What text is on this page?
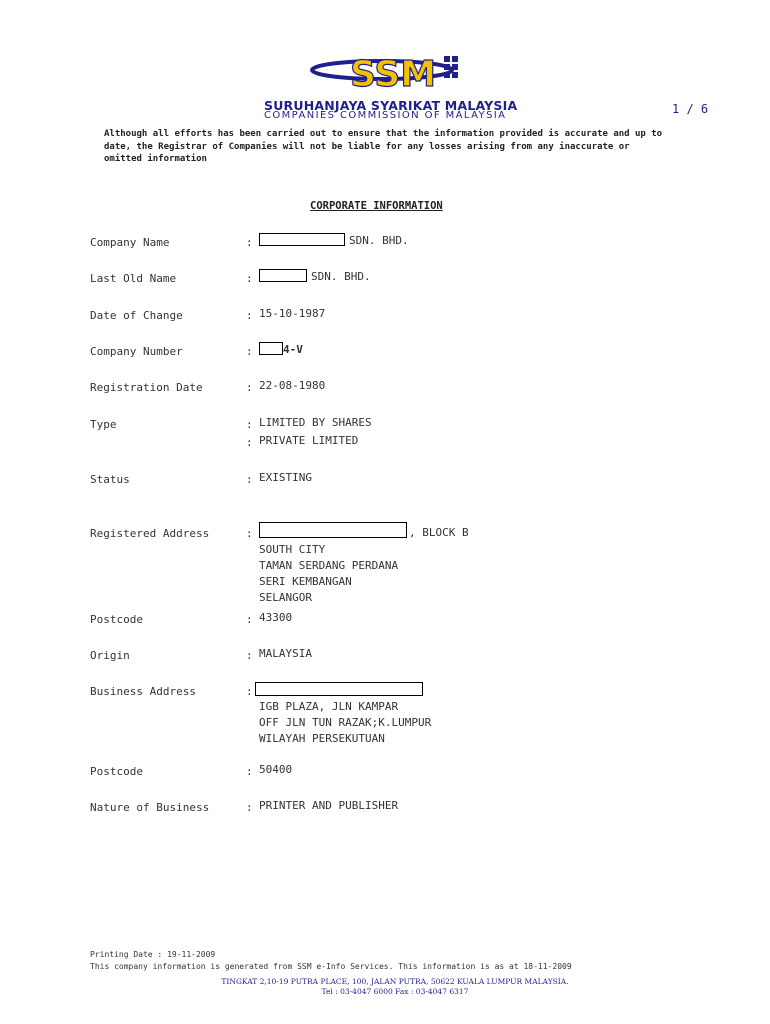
SSM
SURUHANJAYA SYARIKAT MALAYSIA
COMPANIES COMMISSION OF MALAYSIA	1 / 6
Although all efforts has been carried out to ensure that the information provided is accurate and up to date, the Registrar of Companies will not be liable for any losses arising from any inaccurate or omitted information
CORPORATE INFORMATION
Company Name	:	SDN. BHD.
Last Old Name	:	SDN. BHD.
Date of Change	: 15-10-1987
Company Number	:	4-V
Registration Date	: 22-08-1980
Type	: LIMITED BY SHARES
: PRIVATE LIMITED
Status	: EXISTING
Registered Address	:	, BLOCK B
SOUTH CITY
TAMAN SERDANG PERDANA
SERI KEMBANGAN
SELANGOR
Postcode	: 43300
Origin	: MALAYSIA
Business Address	:
IGB PLAZA, JLN KAMPAR
OFF JLN TUN RAZAK;K.LUMPUR
WILAYAH PERSEKUTUAN
Postcode	: 50400
Nature of Business	: PRINTER AND PUBLISHER
Printing Date : 19-11-2009
This company information is generated from SSM e-Info Services. This information is as at 18-11-2009
TINGKAT 2,10-19 PUTRA PLACE, 100, JALAN PUTRA, 50622 KUALA LUMPUR MALAYSIA.
Tel : 03-4047 6000 Fax : 03-4047 6317
